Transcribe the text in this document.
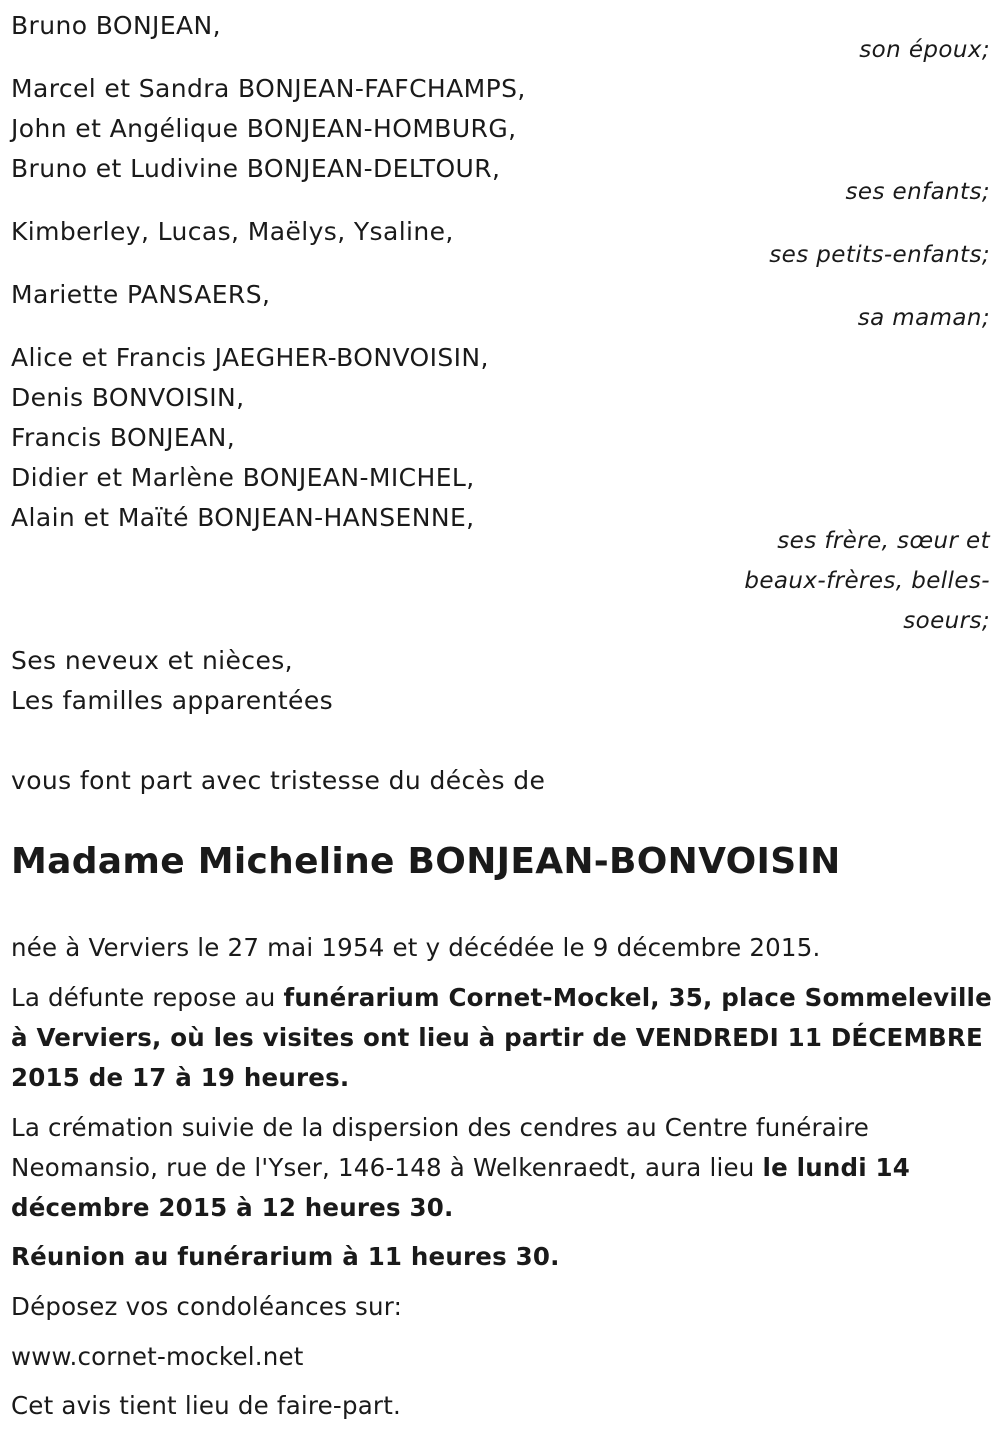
Bruno BONJEAN,
son époux;
Marcel et Sandra BONJEAN-FAFCHAMPS,
John et Angélique BONJEAN-HOMBURG,
Bruno et Ludivine BONJEAN-DELTOUR,
ses enfants;
Kimberley, Lucas, Maëlys, Ysaline,
ses petits-enfants;
Mariette PANSAERS,
sa maman;
Alice et Francis JAEGHER-BONVOISIN,
Denis BONVOISIN,
Francis BONJEAN,
Didier et Marlène BONJEAN-MICHEL,
Alain et Maïté BONJEAN-HANSENNE,
ses frère, sœur et
beaux-frères, belles-
soeurs;
Ses neveux et nièces,
Les familles apparentées
vous font part avec tristesse du décès de
Madame Micheline BONJEAN-BONVOISIN
née à Verviers le 27 mai 1954 et y décédée le 9 décembre 2015.
La défunte repose au funérarium Cornet-Mockel, 35, place Sommeleville à Verviers, où les visites ont lieu à partir de VENDREDI 11 DÉCEMBRE 2015 de 17 à 19 heures.
La crémation suivie de la dispersion des cendres au Centre funéraire Neomansio, rue de l'Yser, 146-148 à Welkenraedt, aura lieu le lundi 14 décembre 2015 à 12 heures 30.
Réunion au funérarium à 11 heures 30.
Déposez vos condoléances sur:
www.cornet-mockel.net
Cet avis tient lieu de faire-part.
